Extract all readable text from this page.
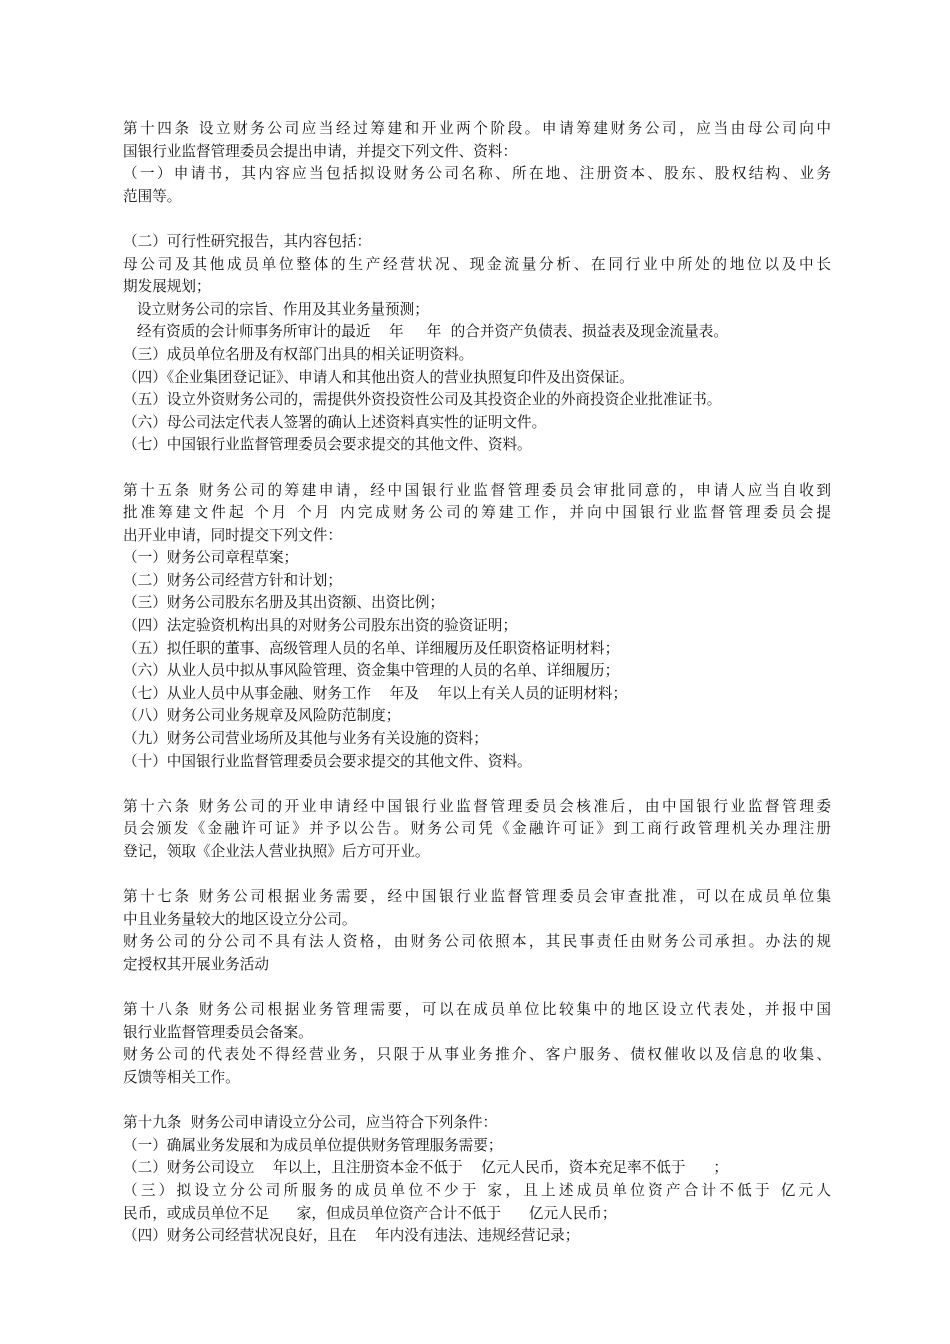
第十四条 设立财务公司应当经过筹建和开业两个阶段。申请筹建财务公司，应当由母公司向中
国银行业监督管理委员会提出申请，并提交下列文件、资料：
（一）申请书，其内容应当包括拟设财务公司名称、所在地、注册资本、股东、股权结构、业务
范围等。
（二）可行性研究报告，其内容包括：
母公司及其他成员单位整体的生产经营状况、现金流量分析、在同行业中所处的地位以及中长
期发展规划；
设立财务公司的宗旨、作用及其业务量预测；
经有资质的会计师事务所审计的最近    年     年  的合并资产负债表、损益表及现金流量表。
（三）成员单位名册及有权部门出具的相关证明资料。
（四）《企业集团登记证》、申请人和其他出资人的营业执照复印件及出资保证。
（五）设立外资财务公司的，需提供外资投资性公司及其投资企业的外商投资企业批准证书。
（六）母公司法定代表人签署的确认上述资料真实性的证明文件。
（七）中国银行业监督管理委员会要求提交的其他文件、资料。
第十五条 财务公司的筹建申请，经中国银行业监督管理委员会审批同意的，申请人应当自收到
批准筹建文件起 个月 个月 内完成财务公司的筹建工作，并向中国银行业监督管理委员会提
出开业申请，同时提交下列文件：
（一）财务公司章程草案；
（二）财务公司经营方针和计划；
（三）财务公司股东名册及其出资额、出资比例；
（四）法定验资机构出具的对财务公司股东出资的验资证明；
（五）拟任职的董事、高级管理人员的名单、详细履历及任职资格证明材料；
（六）从业人员中拟从事风险管理、资金集中管理的人员的名单、详细履历；
（七）从业人员中从事金融、财务工作    年及    年以上有关人员的证明材料；
（八）财务公司业务规章及风险防范制度；
（九）财务公司营业场所及其他与业务有关设施的资料；
（十）中国银行业监督管理委员会要求提交的其他文件、资料。
第十六条 财务公司的开业申请经中国银行业监督管理委员会核准后，由中国银行业监督管理委
员会颁发《金融许可证》并予以公告。财务公司凭《金融许可证》到工商行政管理机关办理注册
登记，领取《企业法人营业执照》后方可开业。
第十七条 财务公司根据业务需要，经中国银行业监督管理委员会审查批准，可以在成员单位集
中且业务量较大的地区设立分公司。
财务公司的分公司不具有法人资格，由财务公司依照本，其民事责任由财务公司承担。办法的规
定授权其开展业务活动
第十八条 财务公司根据业务管理需要，可以在成员单位比较集中的地区设立代表处，并报中国
银行业监督管理委员会备案。
财务公司的代表处不得经营业务，只限于从事业务推介、客户服务、债权催收以及信息的收集、
反馈等相关工作。
第十九条  财务公司申请设立分公司，应当符合下列条件：
（一）确属业务发展和为成员单位提供财务管理服务需要；
（二）财务公司设立    年以上，且注册资本金不低于    亿元人民币，资本充足率不低于      ；
（三）拟设立分公司所服务的成员单位不少于 家，且上述成员单位资产合计不低于 亿元人
民币，或成员单位不足      家，但成员单位资产合计不低于      亿元人民币；
（四）财务公司经营状况良好，且在    年内没有违法、违规经营记录；
